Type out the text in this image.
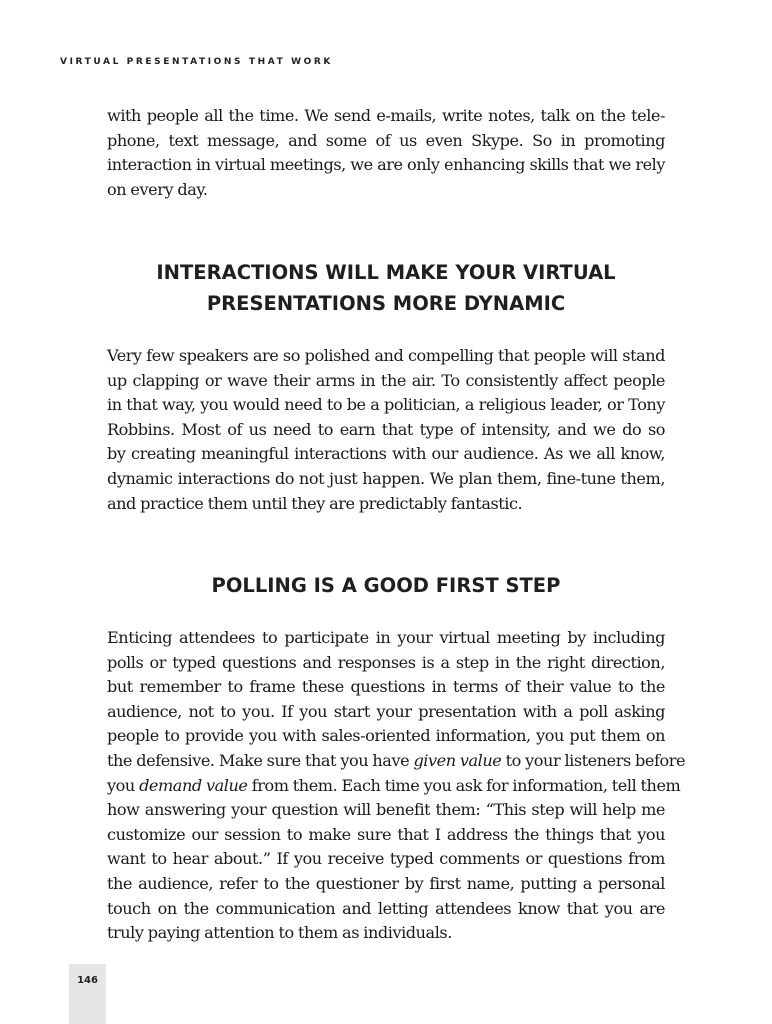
VIRTUAL PRESENTATIONS THAT WORK

with people all the time. We send e-mails, write notes, talk on the tele-
phone, text message, and some of us even Skype. So in promoting
interaction in virtual meetings, we are only enhancing skills that we rely
on every day.

INTERACTIONS WILL MAKE YOUR VIRTUAL
PRESENTATIONS MORE DYNAMIC

Very few speakers are so polished and compelling that people will stand
up clapping or wave their arms in the air. To consistently affect people
in that way, you would need to be a politician, a religious leader, or Tony
Robbins. Most of us need to earn that type of intensity, and we do so
by creating meaningful interactions with our audience. As we all know,
dynamic interactions do not just happen. We plan them, fine-tune them,
and practice them until they are predictably fantastic.

POLLING IS A GOOD FIRST STEP

Enticing attendees to participate in your virtual meeting by including
polls or typed questions and responses is a step in the right direction,
but remember to frame these questions in terms of their value to the
audience, not to you. If you start your presentation with a poll asking
people to provide you with sales-oriented information, you put them on
the defensive. Make sure that you have given value to your listeners before
you demand value from them. Each time you ask for information, tell them
how answering your question will benefit them: “This step will help me
customize our session to make sure that I address the things that you
want to hear about.” If you receive typed comments or questions from
the audience, refer to the questioner by first name, putting a personal
touch on the communication and letting attendees know that you are
truly paying attention to them as individuals.

146
